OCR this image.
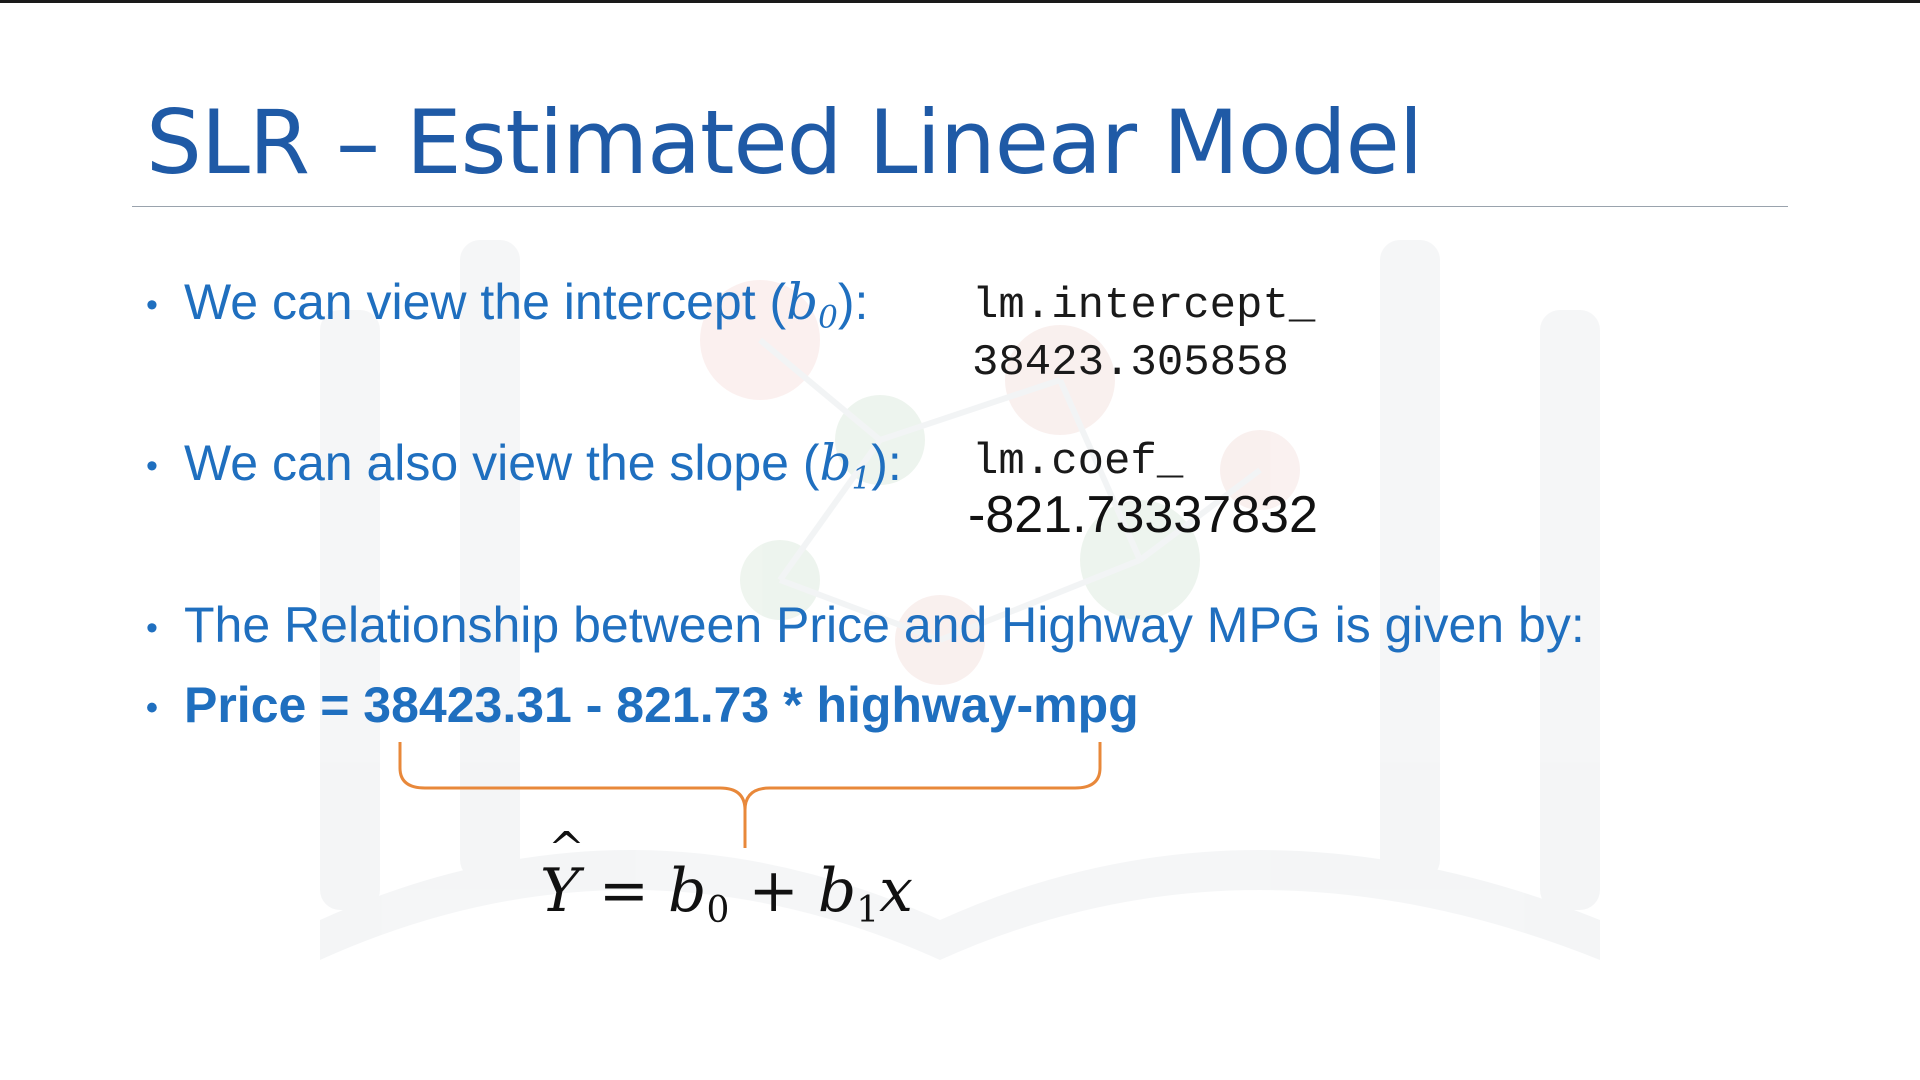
SLR – Estimated Linear Model
• We can view the intercept $(b_0)$: lm.intercept_
38423.305858
• We can also view the slope $(b_1)$: lm.coef_
-821.73337832
• The Relationship between Price and Highway MPG is given by:
• Price = 38423.31 - 821.73 * highway-mpg
^ $Y = b_0 + b_1x$
